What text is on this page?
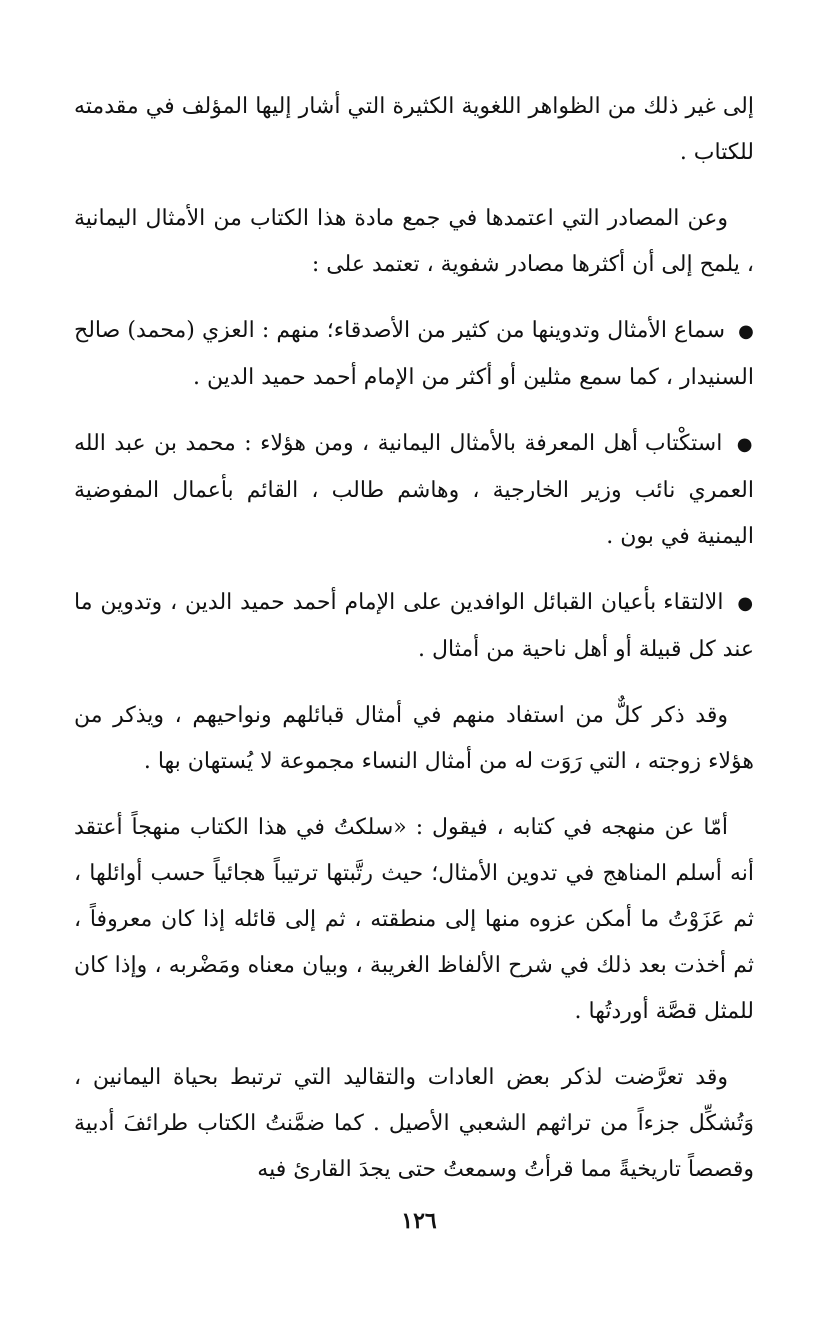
إلى غير ذلك من الظواهر اللغوية الكثيرة التي أشار إليها المؤلف في مقدمته للكتاب .

وعن المصادر التي اعتمدها في جمع مادة هذا الكتاب من الأمثال اليمانية ، يلمح إلى أن أكثرها مصادر شفوية ، تعتمد على :

● سماع الأمثال وتدوينها من كثير من الأصدقاء؛ منهم : العزي (محمد) صالح السنيدار ، كما سمع مثلين أو أكثر من الإمام أحمد حميد الدين .

● استكْتاب أهل المعرفة بالأمثال اليمانية ، ومن هؤلاء : محمد بن عبد الله العمري نائب وزير الخارجية ، وهاشم طالب ، القائم بأعمال المفوضية اليمنية في بون .

● الالتقاء بأعيان القبائل الوافدين على الإمام أحمد حميد الدين ، وتدوين ما عند كل قبيلة أو أهل ناحية من أمثال .

وقد ذكر كلٌّ من استفاد منهم في أمثال قبائلهم ونواحيهم ، ويذكر من هؤلاء زوجته ، التي رَوَت له من أمثال النساء مجموعة لا يُستهان بها .

أمّا عن منهجه في كتابه ، فيقول : «سلكتُ في هذا الكتاب منهجاً أعتقد أنه أسلم المناهج في تدوين الأمثال؛ حيث رتَّبتها ترتيباً هجائياً حسب أوائلها ، ثم عَزَوْتُ ما أمكن عزوه منها إلى منطقته ، ثم إلى قائله إذا كان معروفاً ، ثم أخذت بعد ذلك في شرح الألفاظ الغريبة ، وبيان معناه ومَضْربه ، وإذا كان للمثل قصَّة أوردتُها .

وقد تعرَّضت لذكر بعض العادات والتقاليد التي ترتبط بحياة اليمانين ، وَتُشكِّل جزءاً من تراثهم الشعبي الأصيل . كما ضمَّنتُ الكتاب طرائفَ أدبية وقصصاً تاريخيةً مما قرأتُ وسمعتُ حتى يجدَ القارئ فيه

١٢٦
